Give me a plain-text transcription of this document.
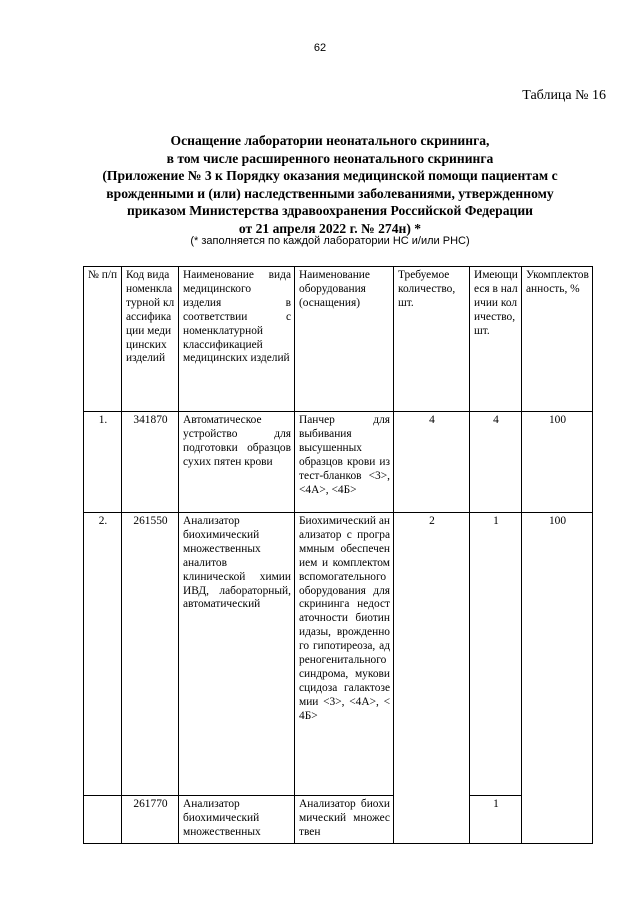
62
Таблица № 16
Оснащение лаборатории неонатального скрининга,
в том числе расширенного неонатального скрининга
(Приложение № 3 к Порядку оказания медицинской помощи пациентам с
врожденными и (или) наследственными заболеваниями, утвержденному
приказом Министерства здравоохранения Российской Федерации
от 21 апреля 2022 г. № 274н) *
(* заполняется по каждой лаборатории НС и/или РНС)
№ п/п	Код вида номенклатурной классификации медицинских изделий	Наименование вида медицинского изделия в соответствии с номенклатурной классификацией медицинских изделий	Наименование оборудования (оснащения)	Требуемое количество, шт.	Имеющиеся в наличии количество, шт.	Укомплектованность, %
1.	341870	Автоматическое устройство для подготовки образцов сухих пятен крови	Панчер для выбивания высушенных образцов крови из тест-бланков <3>, <4А>, <4Б>	4	4	100
2.	261550	Анализатор биохимический множественных аналитов клинической химии ИВД, лабораторный, автоматический	Биохимический анализатор с программным обеспечением и комплектом вспомогательного оборудования для скрининга недостаточности биотинидазы, врожденного гипотиреоза, адреногенитального синдрома, муковисцидоза галактоземии <3>, <4А>, <4Б>	2	1	100
	261770	Анализатор биохимический множественных	Анализатор биохимический множествен		1	
